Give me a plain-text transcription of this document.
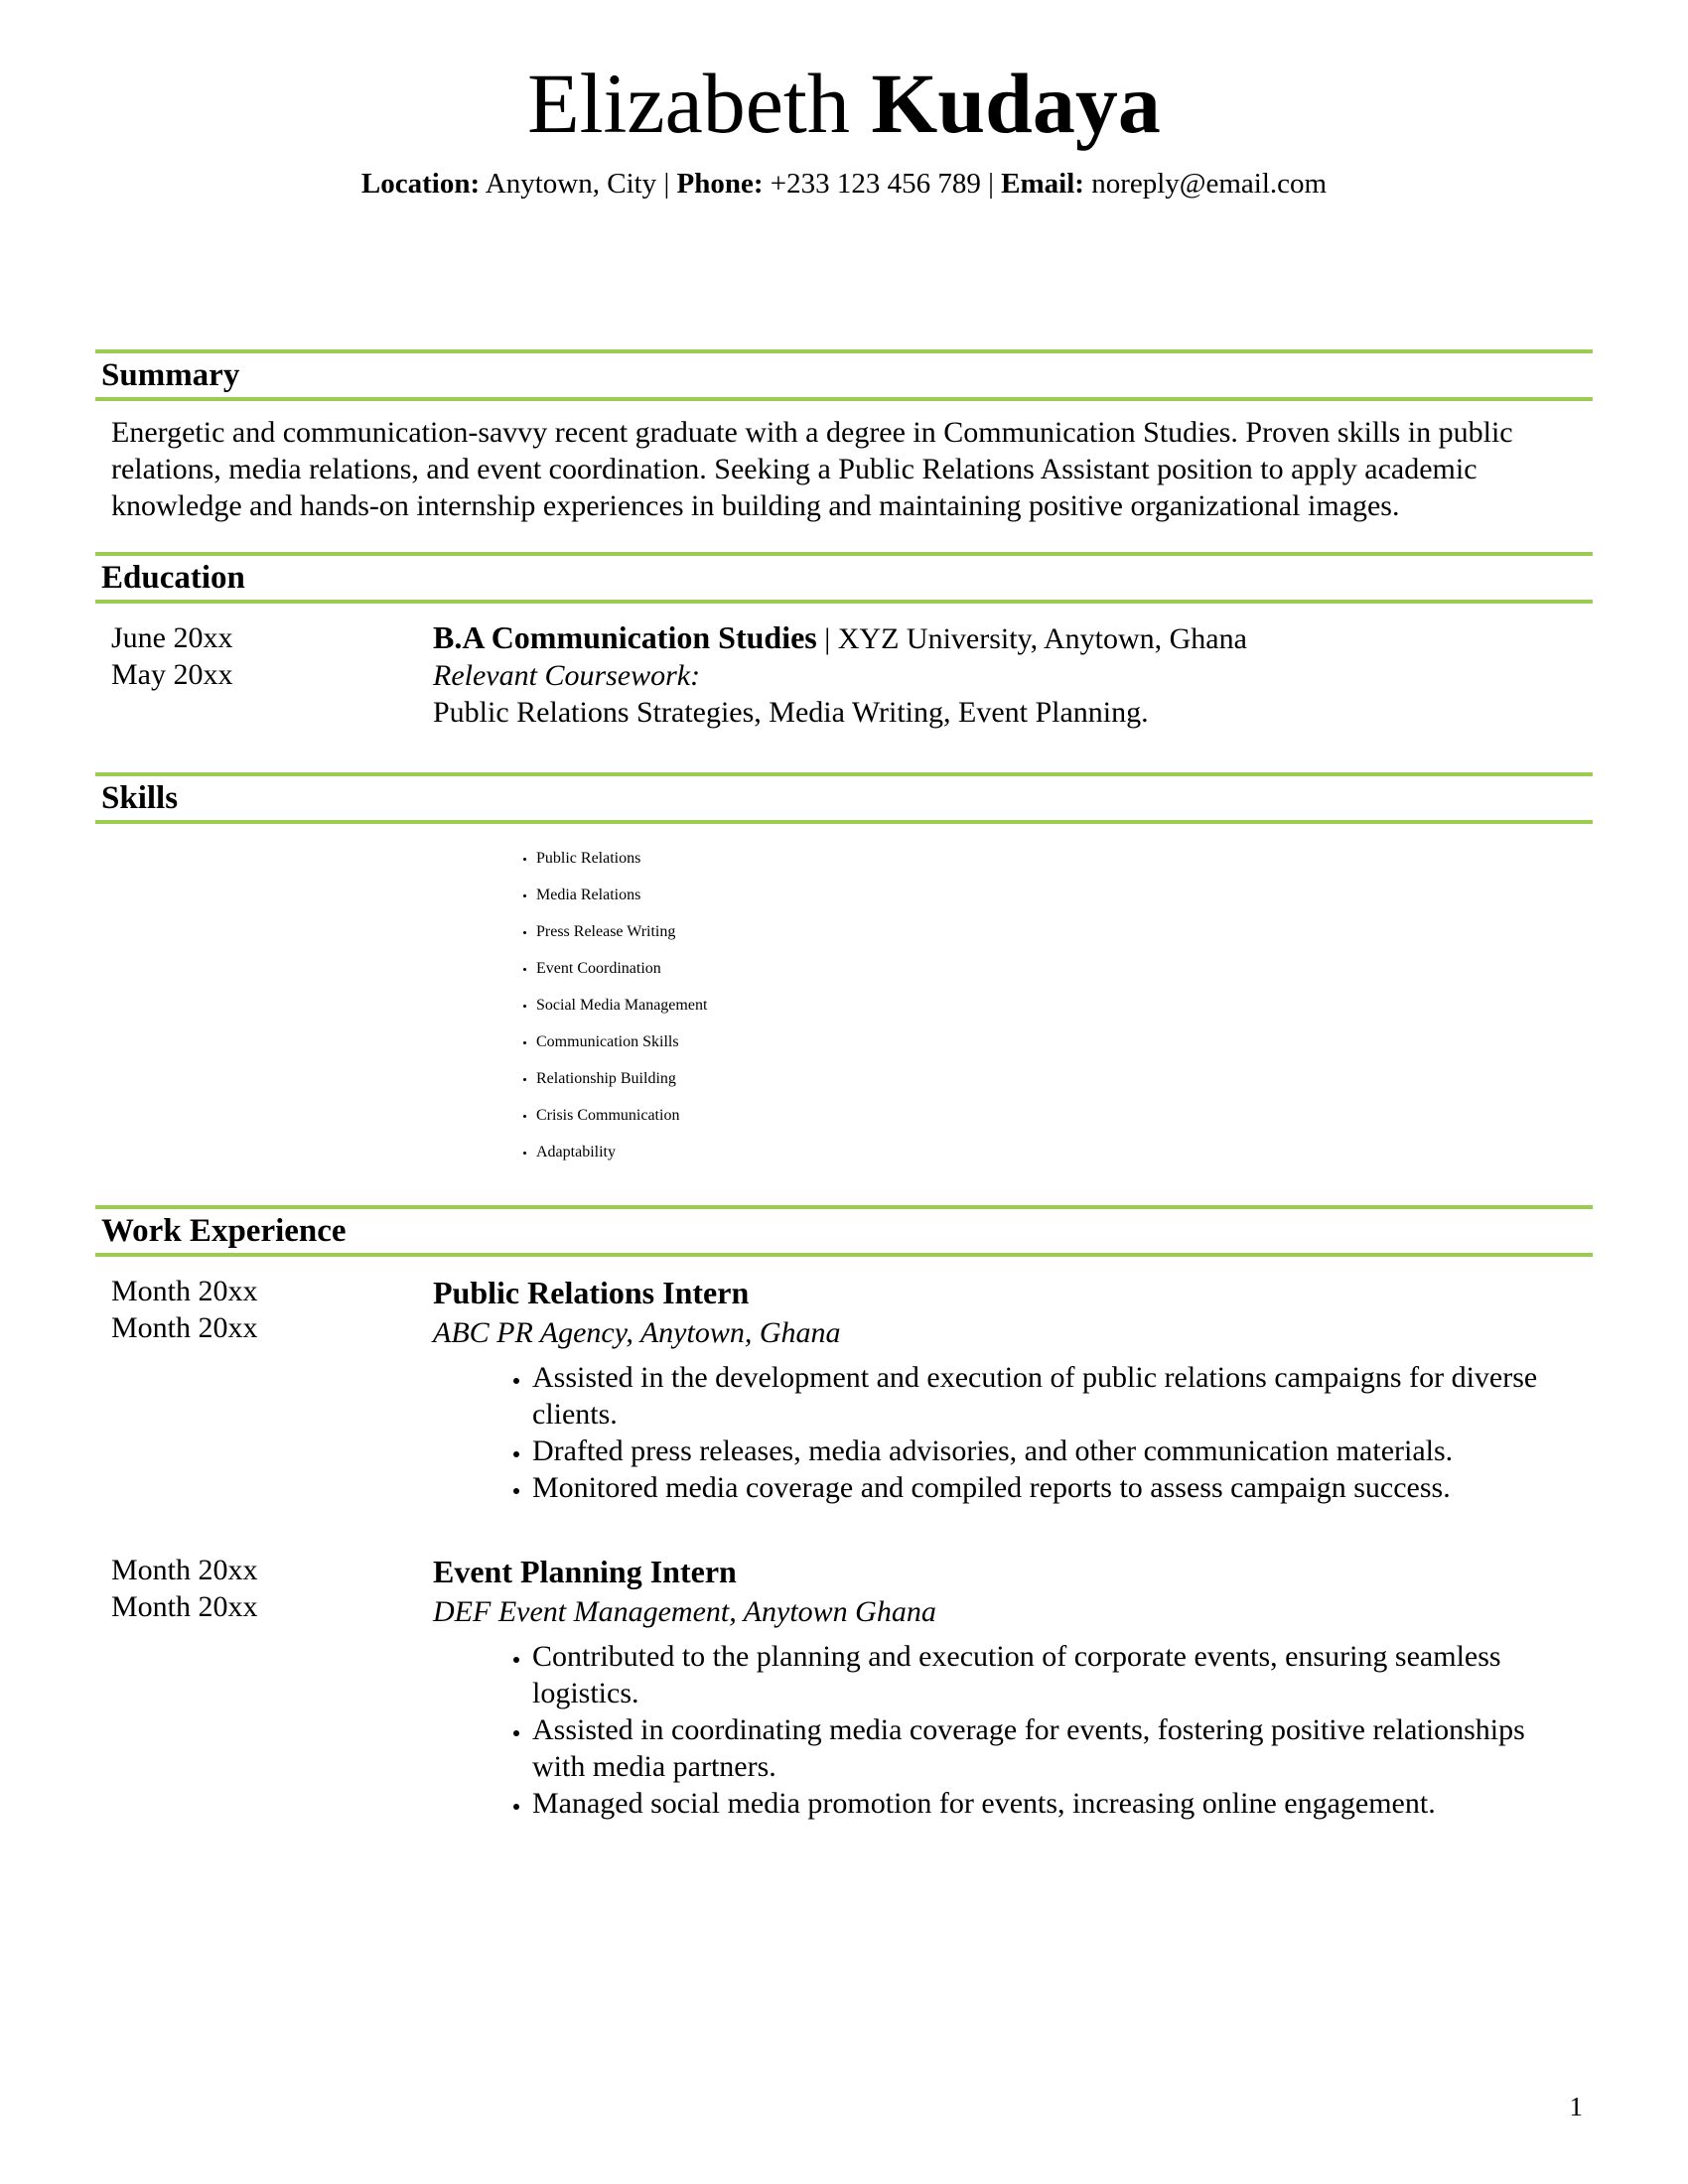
Elizabeth Kudaya

Location: Anytown, City | Phone: +233 123 456 789 | Email: noreply@email.com

Summary

Energetic and communication-savvy recent graduate with a degree in Communication Studies. Proven skills in public relations, media relations, and event coordination. Seeking a Public Relations Assistant position to apply academic knowledge and hands-on internship experiences in building and maintaining positive organizational images.

Education
June 20xx
May 20xx
B.A Communication Studies | XYZ University, Anytown, Ghana
Relevant Coursework:
Public Relations Strategies, Media Writing, Event Planning.
Skills
• Public Relations
• Media Relations
• Press Release Writing
• Event Coordination
• Social Media Management
• Communication Skills
• Relationship Building
• Crisis Communication
• Adaptability
Work Experience
Month 20xx
Month 20xx

Public Relations Intern

ABC PR Agency, Anytown, Ghana

• Assisted in the development and execution of public relations campaigns for diverse clients.
• Drafted press releases, media advisories, and other communication materials.
• Monitored media coverage and compiled reports to assess campaign success.
Month 20xx
Month 20xx

Event Planning Intern

DEF Event Management, Anytown Ghana

• Contributed to the planning and execution of corporate events, ensuring seamless logistics.
• Assisted in coordinating media coverage for events, fostering positive relationships with media partners.
• Managed social media promotion for events, increasing online engagement.
1
